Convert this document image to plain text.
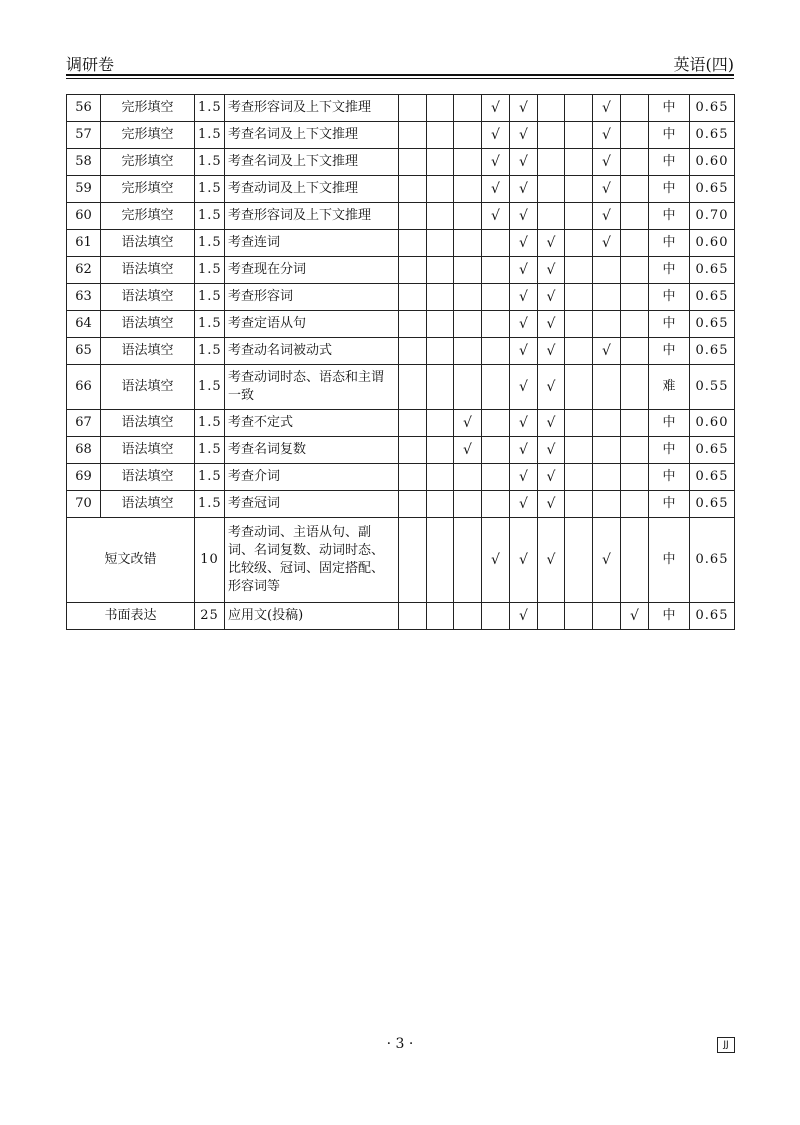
调研卷	英语(四)
56	完形填空	1.5	考查形容词及上下文推理				√	√			√		中	0.65
57	完形填空	1.5	考查名词及上下文推理				√	√			√		中	0.65
58	完形填空	1.5	考查名词及上下文推理				√	√			√		中	0.60
59	完形填空	1.5	考查动词及上下文推理				√	√			√		中	0.65
60	完形填空	1.5	考查形容词及上下文推理				√	√			√		中	0.70
61	语法填空	1.5	考查连词					√	√		√		中	0.60
62	语法填空	1.5	考查现在分词					√	√				中	0.65
63	语法填空	1.5	考查形容词					√	√				中	0.65
64	语法填空	1.5	考查定语从句					√	√				中	0.65
65	语法填空	1.5	考查动名词被动式					√	√		√		中	0.65
66	语法填空	1.5	考查动词时态、语态和主谓一致					√	√				难	0.55
67	语法填空	1.5	考查不定式			√		√	√				中	0.60
68	语法填空	1.5	考查名词复数			√		√	√				中	0.65
69	语法填空	1.5	考查介词					√	√				中	0.65
70	语法填空	1.5	考查冠词					√	√				中	0.65
短文改错		10	考查动词、主语从句、副词、名词复数、动词时态、比较级、冠词、固定搭配、形容词等				√	√	√		√		中	0.65
书面表达		25	应用文(投稿)					√				√	中	0.65
· 3 ·	JJ
